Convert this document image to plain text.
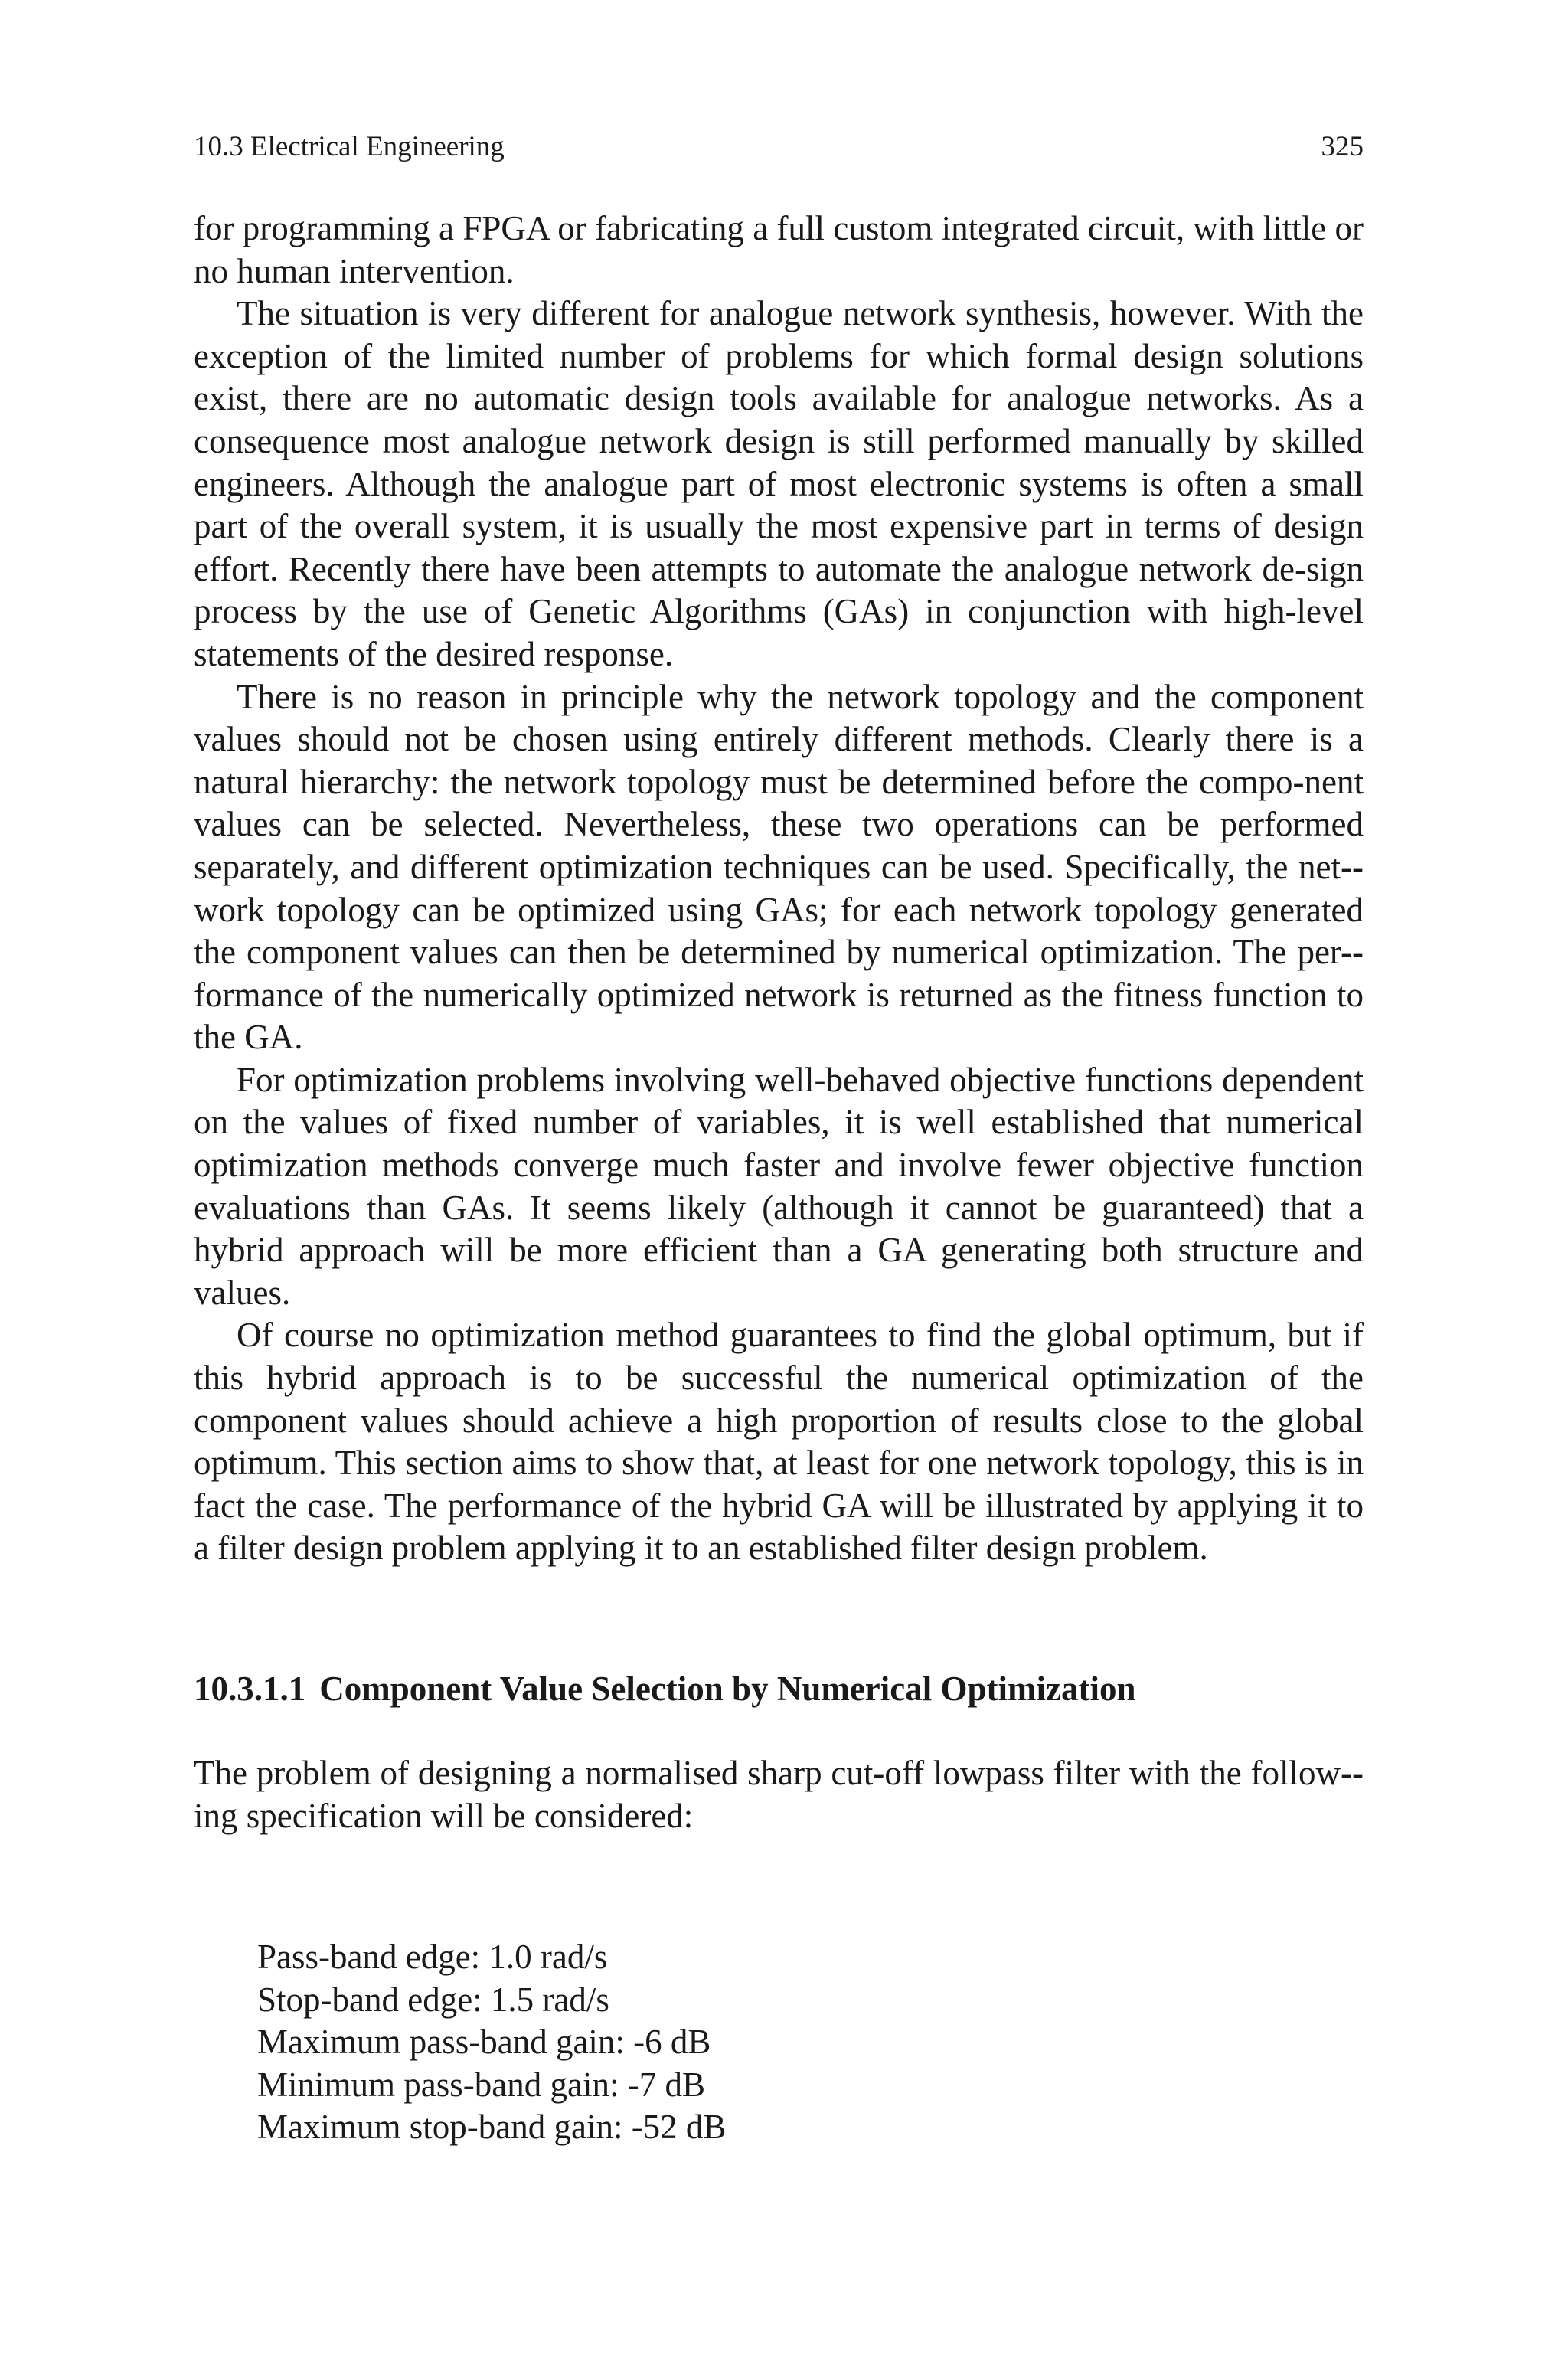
10.3 Electrical Engineering	325

for programming a FPGA or fabricating a full custom integrated circuit, with little or no human intervention.

The situation is very different for analogue network synthesis, however. With the exception of the limited number of problems for which formal design solutions exist, there are no automatic design tools available for analogue networks. As a consequence most analogue network design is still performed manually by skilled engineers. Although the analogue part of most electronic systems is often a small part of the overall system, it is usually the most expensive part in terms of design effort. Recently there have been attempts to automate the analogue network de-sign process by the use of Genetic Algorithms (GAs) in conjunction with high-level statements of the desired response.

There is no reason in principle why the network topology and the component values should not be chosen using entirely different methods. Clearly there is a natural hierarchy: the network topology must be determined before the compo-nent values can be selected. Nevertheless, these two operations can be performed separately, and different optimization techniques can be used. Specifically, the net-work topology can be optimized using GAs; for each network topology generated the component values can then be determined by numerical optimization. The per-formance of the numerically optimized network is returned as the fitness function to the GA.

For optimization problems involving well-behaved objective functions dependent on the values of fixed number of variables, it is well established that numerical optimization methods converge much faster and involve fewer objective function evaluations than GAs. It seems likely (although it cannot be guaranteed) that a hybrid approach will be more efficient than a GA generating both structure and values.

Of course no optimization method guarantees to find the global optimum, but if this hybrid approach is to be successful the numerical optimization of the component values should achieve a high proportion of results close to the global optimum. This section aims to show that, at least for one network topology, this is in fact the case. The performance of the hybrid GA will be illustrated by applying it to a filter design problem applying it to an established filter design problem.

10.3.1.1 Component Value Selection by Numerical Optimization

The problem of designing a normalised sharp cut-off lowpass filter with the follow-ing specification will be considered:

Pass-band edge: 1.0 rad/s
Stop-band edge: 1.5 rad/s
Maximum pass-band gain: -6 dB
Minimum pass-band gain: -7 dB
Maximum stop-band gain: -52 dB
